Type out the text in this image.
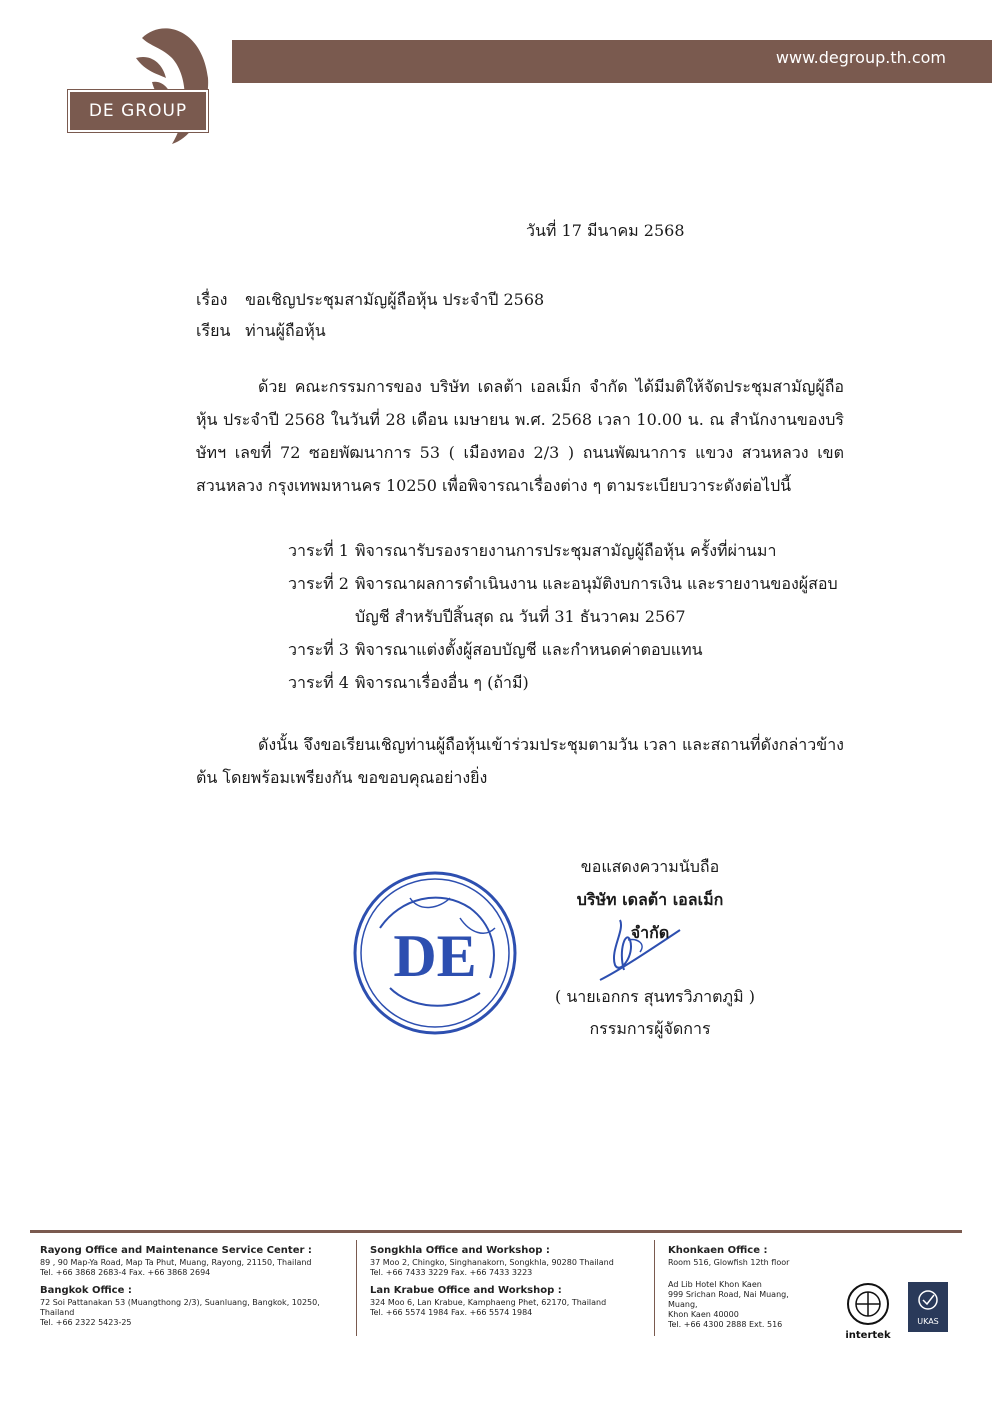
DE GROUP
www.degroup.th.com
วันที่ 17 มีนาคม 2568
เรื่อง ขอเชิญประชุมสามัญผู้ถือหุ้น ประจำปี 2568
เรียน ท่านผู้ถือหุ้น
ด้วย คณะกรรมการของ บริษัท เดลต้า เอลเม็ก จำกัด ได้มีมติให้จัดประชุมสามัญผู้ถือหุ้น ประจำปี 2568 ในวันที่ 28 เดือน เมษายน พ.ศ. 2568 เวลา 10.00 น. ณ สำนักงานของบริษัทฯ เลขที่ 72 ซอยพัฒนาการ 53 ( เมืองทอง 2/3 ) ถนนพัฒนาการ แขวง สวนหลวง เขตสวนหลวง กรุงเทพมหานคร 10250 เพื่อพิจารณาเรื่องต่าง ๆ ตามระเบียบวาระดังต่อไปนี้
วาระที่ 1 พิจารณารับรองรายงานการประชุมสามัญผู้ถือหุ้น ครั้งที่ผ่านมา
วาระที่ 2 พิจารณาผลการดำเนินงาน และอนุมัติงบการเงิน และรายงานของผู้สอบบัญชี สำหรับปีสิ้นสุด ณ วันที่ 31 ธันวาคม 2567
วาระที่ 3 พิจารณาแต่งตั้งผู้สอบบัญชี และกำหนดค่าตอบแทน
วาระที่ 4 พิจารณาเรื่องอื่น ๆ (ถ้ามี)
ดังนั้น จึงขอเรียนเชิญท่านผู้ถือหุ้นเข้าร่วมประชุมตามวัน เวลา และสถานที่ดังกล่าวข้างต้น โดยพร้อมเพรียงกัน ขอขอบคุณอย่างยิ่ง
DE
ขอแสดงความนับถือ
บริษัท เดลต้า เอลเม็ก จำกัด
( นายเอกกร สุนทรวิภาตภูมิ )
กรรมการผู้จัดการ
Rayong Office and Maintenance Service Center :
89 , 90 Map-Ya Road, Map Ta Phut, Muang, Rayong, 21150, Thailand
Tel. +66 3868 2683-4 Fax. +66 3868 2694
Bangkok Office :
72 Soi Pattanakan 53 (Muangthong 2/3), Suanluang, Bangkok, 10250,
Thailand
Tel. +66 2322 5423-25
Songkhla Office and Workshop :
37 Moo 2, Chingko, Singhanakorn, Songkhla, 90280 Thailand
Tel. +66 7433 3229 Fax. +66 7433 3223
Lan Krabue Office and Workshop :
324 Moo 6, Lan Krabue, Kamphaeng Phet, 62170, Thailand
Tel. +66 5574 1984 Fax. +66 5574 1984
Khonkaen Office :
Room 516, Glowfish 12th floor
Ad Lib Hotel Khon Kaen
999 Srichan Road, Nai Muang, Muang,
Khon Kaen 40000
Tel. +66 4300 2888 Ext. 516
intertek
UKAS
